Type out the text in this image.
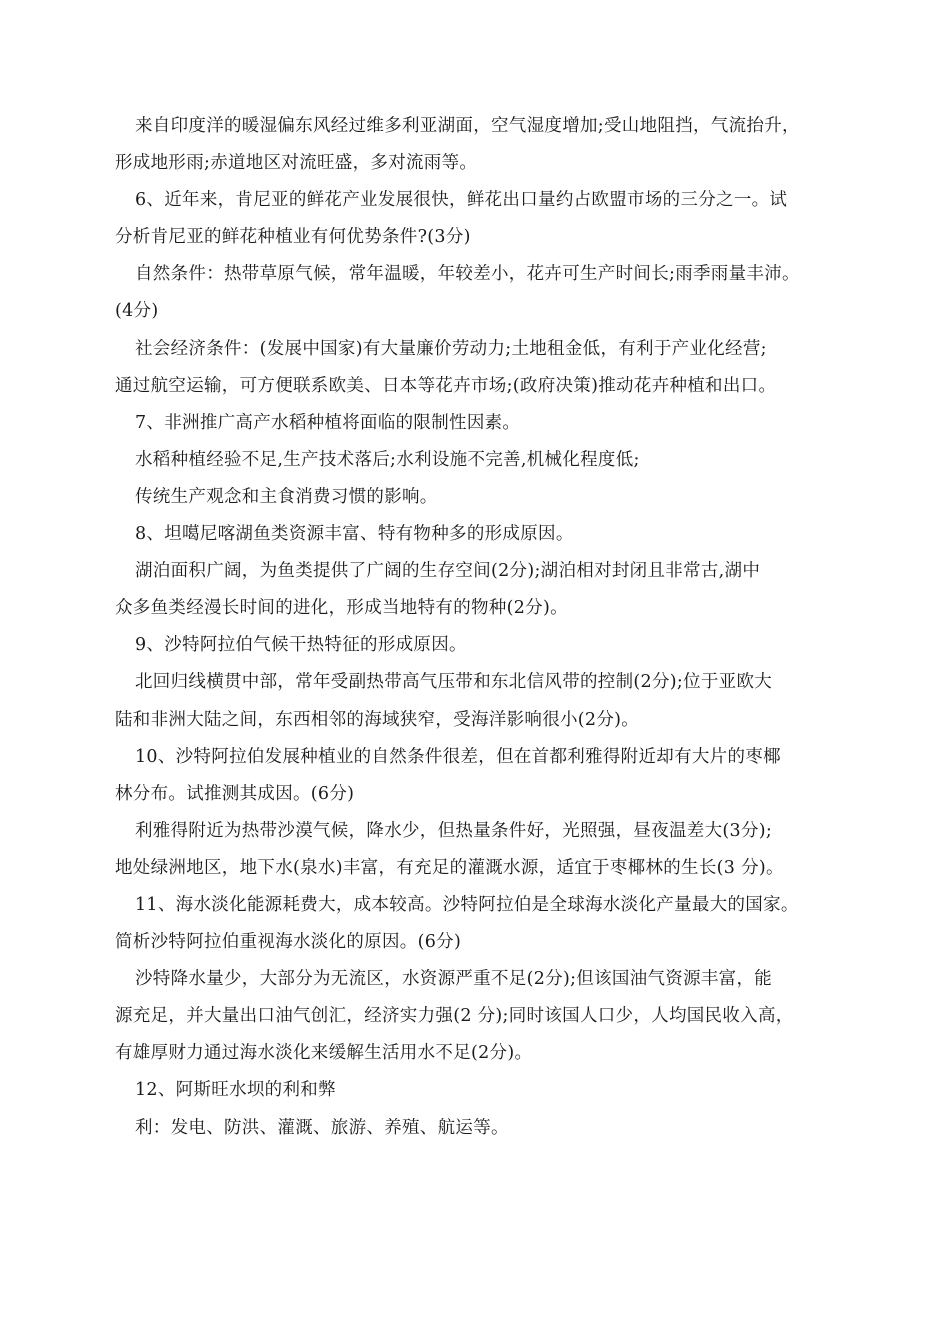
来自印度洋的暖湿偏东风经过维多利亚湖面，空气湿度增加;受山地阻挡，气流抬升，
形成地形雨;赤道地区对流旺盛，多对流雨等。
6、近年来，肯尼亚的鲜花产业发展很快，鲜花出口量约占欧盟市场的三分之一。试
分析肯尼亚的鲜花种植业有何优势条件?(3分)
自然条件：热带草原气候，常年温暖，年较差小，花卉可生产时间长;雨季雨量丰沛。
(4分)
社会经济条件：(发展中国家)有大量廉价劳动力;土地租金低，有利于产业化经营;
通过航空运输，可方便联系欧美、日本等花卉市场;(政府决策)推动花卉种植和出口。
7、非洲推广高产水稻种植将面临的限制性因素。
水稻种植经验不足,生产技术落后;水利设施不完善,机械化程度低;
传统生产观念和主食消费习惯的影响。
8、坦噶尼喀湖鱼类资源丰富、特有物种多的形成原因。
湖泊面积广阔，为鱼类提供了广阔的生存空间(2分);湖泊相对封闭且非常古,湖中
众多鱼类经漫长时间的进化，形成当地特有的物种(2分)。
9、沙特阿拉伯气候干热特征的形成原因。
北回归线横贯中部，常年受副热带高气压带和东北信风带的控制(2分);位于亚欧大
陆和非洲大陆之间，东西相邻的海域狭窄，受海洋影响很小(2分)。
10、沙特阿拉伯发展种植业的自然条件很差，但在首都利雅得附近却有大片的枣椰
林分布。试推测其成因。(6分)
利雅得附近为热带沙漠气候，降水少，但热量条件好，光照强，昼夜温差大(3分);
地处绿洲地区，地下水(泉水)丰富，有充足的灌溉水源，适宜于枣椰林的生长(3 分)。
11、海水淡化能源耗费大，成本较高。沙特阿拉伯是全球海水淡化产量最大的国家。
简析沙特阿拉伯重视海水淡化的原因。(6分)
沙特降水量少，大部分为无流区，水资源严重不足(2分);但该国油气资源丰富，能
源充足，并大量出口油气创汇，经济实力强(2 分);同时该国人口少，人均国民收入高，
有雄厚财力通过海水淡化来缓解生活用水不足(2分)。
12、阿斯旺水坝的利和弊
利：发电、防洪、灌溉、旅游、养殖、航运等。
